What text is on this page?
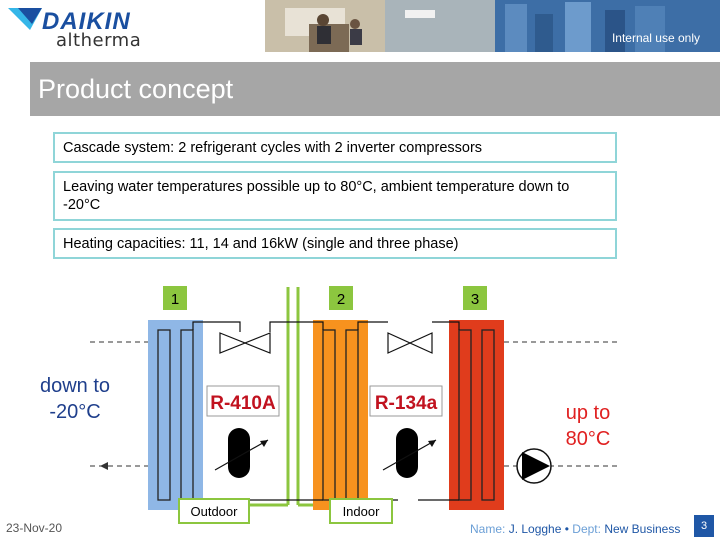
DAIKIN
altherma	Internal use only
Product concept
Cascade system: 2 refrigerant cycles with 2 inverter compressors
Leaving water temperatures possible up to 80°C, ambient temperature down to -20°C
Heating capacities: 11, 14 and 16kW (single and three phase)
1	2	3
R-410A	R-134a
Outdoor	Indoor
down to -20°C	up to 80°C
23-Nov-20	Name: J. Logghe • Dept: New Business	3
